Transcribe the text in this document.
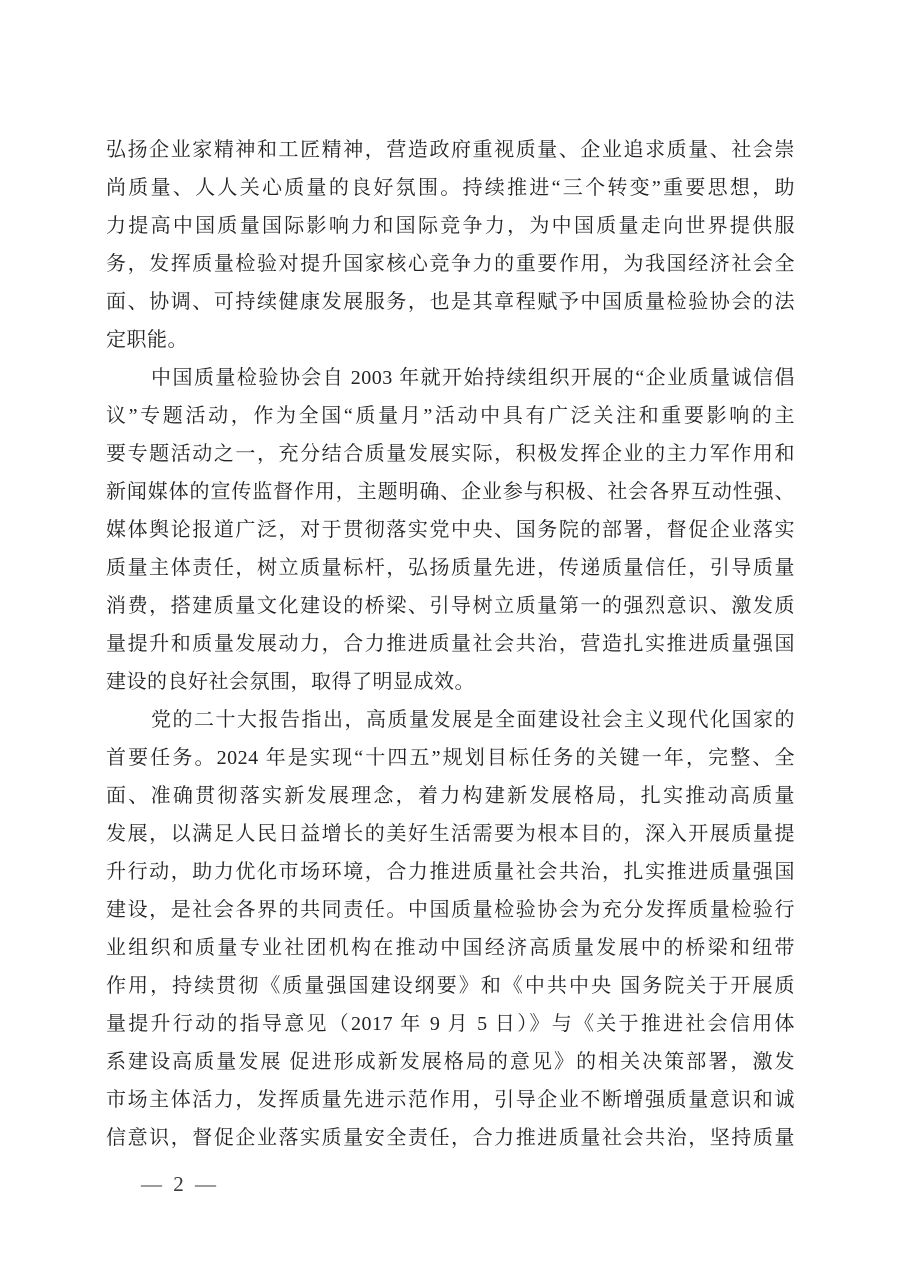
弘扬企业家精神和工匠精神，营造政府重视质量、企业追求质量、社会崇
尚质量、人人关心质量的良好氛围。持续推进“三个转变”重要思想，助
力提高中国质量国际影响力和国际竞争力，为中国质量走向世界提供服
务，发挥质量检验对提升国家核心竞争力的重要作用，为我国经济社会全
面、协调、可持续健康发展服务，也是其章程赋予中国质量检验协会的法
定职能。
中国质量检验协会自 2003 年就开始持续组织开展的“企业质量诚信倡
议”专题活动，作为全国“质量月”活动中具有广泛关注和重要影响的主
要专题活动之一，充分结合质量发展实际，积极发挥企业的主力军作用和
新闻媒体的宣传监督作用，主题明确、企业参与积极、社会各界互动性强、
媒体舆论报道广泛，对于贯彻落实党中央、国务院的部署，督促企业落实
质量主体责任，树立质量标杆，弘扬质量先进，传递质量信任，引导质量
消费，搭建质量文化建设的桥梁、引导树立质量第一的强烈意识、激发质
量提升和质量发展动力，合力推进质量社会共治，营造扎实推进质量强国
建设的良好社会氛围，取得了明显成效。
党的二十大报告指出，高质量发展是全面建设社会主义现代化国家的
首要任务。2024 年是实现“十四五”规划目标任务的关键一年，完整、全
面、准确贯彻落实新发展理念，着力构建新发展格局，扎实推动高质量
发展，以满足人民日益增长的美好生活需要为根本目的，深入开展质量提
升行动，助力优化市场环境，合力推进质量社会共治，扎实推进质量强国
建设，是社会各界的共同责任。中国质量检验协会为充分发挥质量检验行
业组织和质量专业社团机构在推动中国经济高质量发展中的桥梁和纽带
作用，持续贯彻《质量强国建设纲要》和《中共中央 国务院关于开展质
量提升行动的指导意见（2017 年 9 月 5 日）》与《关于推进社会信用体
系建设高质量发展 促进形成新发展格局的意见》的相关决策部署，激发
市场主体活力，发挥质量先进示范作用，引导企业不断增强质量意识和诚
信意识，督促企业落实质量安全责任，合力推进质量社会共治，坚持质量
— 2 —
